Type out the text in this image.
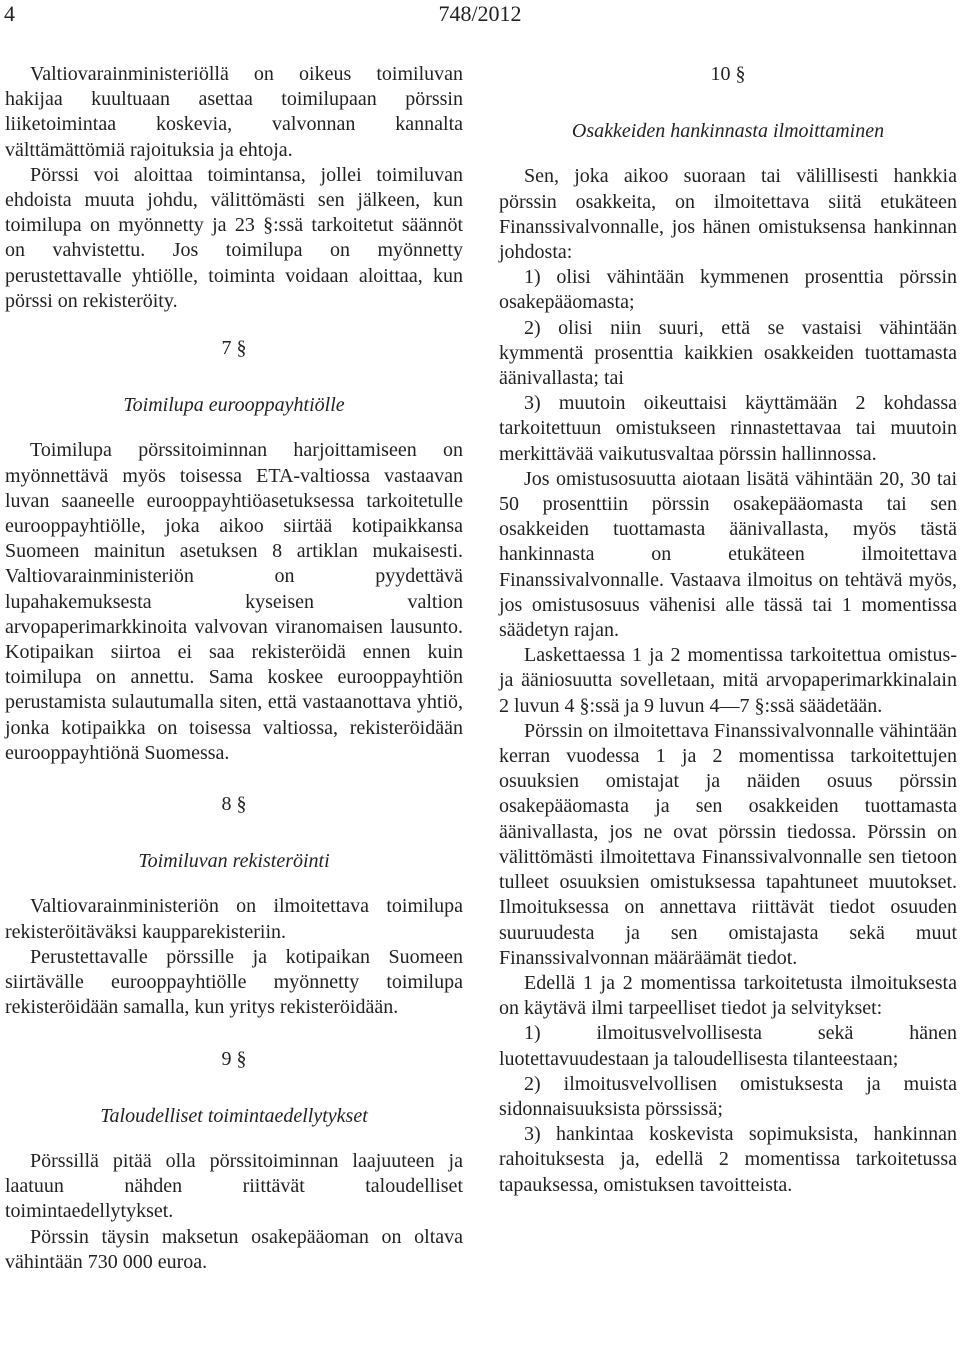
4	748/2012

Valtiovarainministeriöllä on oikeus toimiluvan hakijaa kuultuaan asettaa toimilupaan pörssin liiketoimintaa koskevia, valvonnan kannalta välttämättömiä rajoituksia ja ehtoja.

Pörssi voi aloittaa toimintansa, jollei toimiluvan ehdoista muuta johdu, välittömästi sen jälkeen, kun toimilupa on myönnetty ja 23 §:ssä tarkoitetut säännöt on vahvistettu. Jos toimilupa on myönnetty perustettavalle yhtiölle, toiminta voidaan aloittaa, kun pörssi on rekisteröity.

7 §
Toimilupa eurooppayhtiölle

Toimilupa pörssitoiminnan harjoittamiseen on myönnettävä myös toisessa ETA-valtiossa vastaavan luvan saaneelle eurooppayhtiöasetuksessa tarkoitetulle eurooppayhtiölle, joka aikoo siirtää kotipaikkansa Suomeen mainitun asetuksen 8 artiklan mukaisesti. Valtiovarainministeriön on pyydettävä lupahakemuksesta kyseisen valtion arvopaperimarkkinoita valvovan viranomaisen lausunto. Kotipaikan siirtoa ei saa rekisteröidä ennen kuin toimilupa on annettu. Sama koskee eurooppayhtiön perustamista sulautumalla siten, että vastaanottava yhtiö, jonka kotipaikka on toisessa valtiossa, rekisteröidään eurooppayhtiönä Suomessa.

8 §
Toimiluvan rekisteröinti

Valtiovarainministeriön on ilmoitettava toimilupa rekisteröitäväksi kaupparekisteriin.

Perustettavalle pörssille ja kotipaikan Suomeen siirtävälle eurooppayhtiölle myönnetty toimilupa rekisteröidään samalla, kun yritys rekisteröidään.

9 §
Taloudelliset toimintaedellytykset

Pörssillä pitää olla pörssitoiminnan laajuuteen ja laatuun nähden riittävät taloudelliset toimintaedellytykset.

Pörssin täysin maksetun osakepääoman on oltava vähintään 730 000 euroa.

10 §
Osakkeiden hankinnasta ilmoittaminen

Sen, joka aikoo suoraan tai välillisesti hankkia pörssin osakkeita, on ilmoitettava siitä etukäteen Finanssivalvonnalle, jos hänen omistuksensa hankinnan johdosta:

1) olisi vähintään kymmenen prosenttia pörssin osakepääomasta;

2) olisi niin suuri, että se vastaisi vähintään kymmentä prosenttia kaikkien osakkeiden tuottamasta äänivallasta; tai

3) muutoin oikeuttaisi käyttämään 2 kohdassa tarkoitettuun omistukseen rinnastettavaa tai muutoin merkittävää vaikutusvaltaa pörssin hallinnossa.

Jos omistusosuutta aiotaan lisätä vähintään 20, 30 tai 50 prosenttiin pörssin osakepääomasta tai sen osakkeiden tuottamasta äänivallasta, myös tästä hankinnasta on etukäteen ilmoitettava Finanssivalvonnalle. Vastaava ilmoitus on tehtävä myös, jos omistusosuus vähenisi alle tässä tai 1 momentissa säädetyn rajan.

Laskettaessa 1 ja 2 momentissa tarkoitettua omistus- ja ääniosuutta sovelletaan, mitä arvopaperimarkkinalain 2 luvun 4 §:ssä ja 9 luvun 4—7 §:ssä säädetään.

Pörssin on ilmoitettava Finanssivalvonnalle vähintään kerran vuodessa 1 ja 2 momentissa tarkoitettujen osuuksien omistajat ja näiden osuus pörssin osakepääomasta ja sen osakkeiden tuottamasta äänivallasta, jos ne ovat pörssin tiedossa. Pörssin on välittömästi ilmoitettava Finanssivalvonnalle sen tietoon tulleet osuuksien omistuksessa tapahtuneet muutokset. Ilmoituksessa on annettava riittävät tiedot osuuden suuruudesta ja sen omistajasta sekä muut Finanssivalvonnan määräämät tiedot.

Edellä 1 ja 2 momentissa tarkoitetusta ilmoituksesta on käytävä ilmi tarpeelliset tiedot ja selvitykset:

1) ilmoitusvelvollisesta sekä hänen luotettavuudestaan ja taloudellisesta tilanteestaan;

2) ilmoitusvelvollisen omistuksesta ja muista sidonnaisuuksista pörssissä;

3) hankintaa koskevista sopimuksista, hankinnan rahoituksesta ja, edellä 2 momentissa tarkoitetussa tapauksessa, omistuksen tavoitteista.
